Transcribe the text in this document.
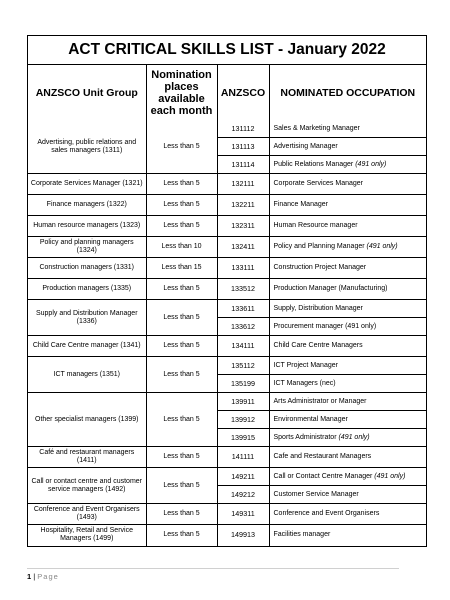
ACT CRITICAL SKILLS LIST - January 2022
ANZSCO Unit Group	Nomination places available each month	ANZSCO	NOMINATED OCCUPATION
Advertising, public relations and sales managers (1311)	Less than 5	131112	Sales & Marketing Manager
		131113	Advertising Manager
		131114	Public Relations Manager (491 only)
Corporate Services Manager (1321)	Less than 5	132111	Corporate Services Manager
Finance managers (1322)	Less than 5	132211	Finance Manager
Human resource managers (1323)	Less than 5	132311	Human Resource manager
Policy and planning managers (1324)	Less than 10	132411	Policy and Planning Manager (491 only)
Construction managers (1331)	Less than 15	133111	Construction Project Manager
Production managers (1335)	Less than 5	133512	Production Manager (Manufacturing)
Supply and Distribution Manager (1336)	Less than 5	133611	Supply, Distribution Manager
		133612	Procurement manager (491 only)
Child Care Centre manager (1341)	Less than 5	134111	Child Care Centre Managers
ICT managers (1351)	Less than 5	135112	ICT Project Manager
		135199	ICT Managers (nec)
Other specialist managers (1399)	Less than 5	139911	Arts Administrator or Manager
		139912	Environmental Manager
		139915	Sports Administrator (491 only)
Café and restaurant managers (1411)	Less than 5	141111	Cafe and Restaurant Managers
Call or contact centre and customer service managers (1492)	Less than 5	149211	Call or Contact Centre Manager (491 only)
		149212	Customer Service Manager
Conference and Event Organisers (1493)	Less than 5	149311	Conference and Event Organisers
Hospitality, Retail and Service Managers (1499)	Less than 5	149913	Facilities manager
1 | Page
